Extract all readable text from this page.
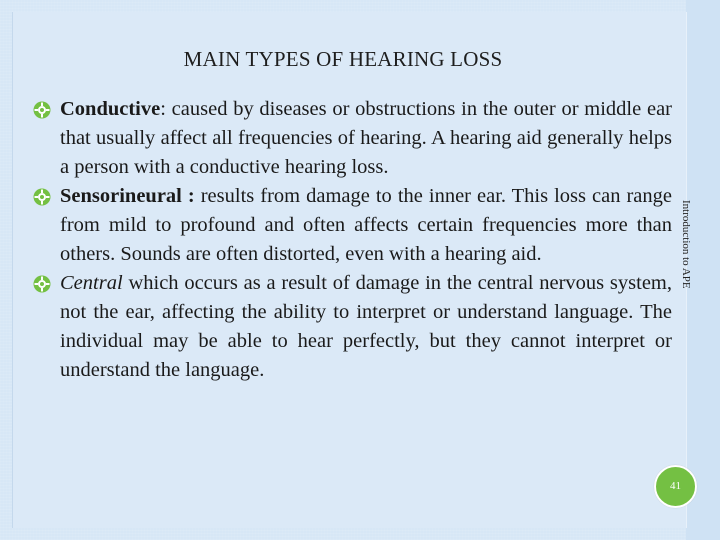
MAIN TYPES OF HEARING LOSS
Conductive: caused by diseases or obstructions in the outer or middle ear that usually affect all frequencies of hearing. A hearing aid generally helps a person with a conductive hearing loss.
Sensorineural : results from damage to the inner ear. This loss can range from mild to profound and often affects certain frequencies more than others. Sounds are often distorted, even with a hearing aid.
Central which occurs as a result of damage in the central nervous system, not the ear, affecting the ability to interpret or understand language. The individual may be able to hear perfectly, but they cannot interpret or understand the language.
Introduction to APE
41
